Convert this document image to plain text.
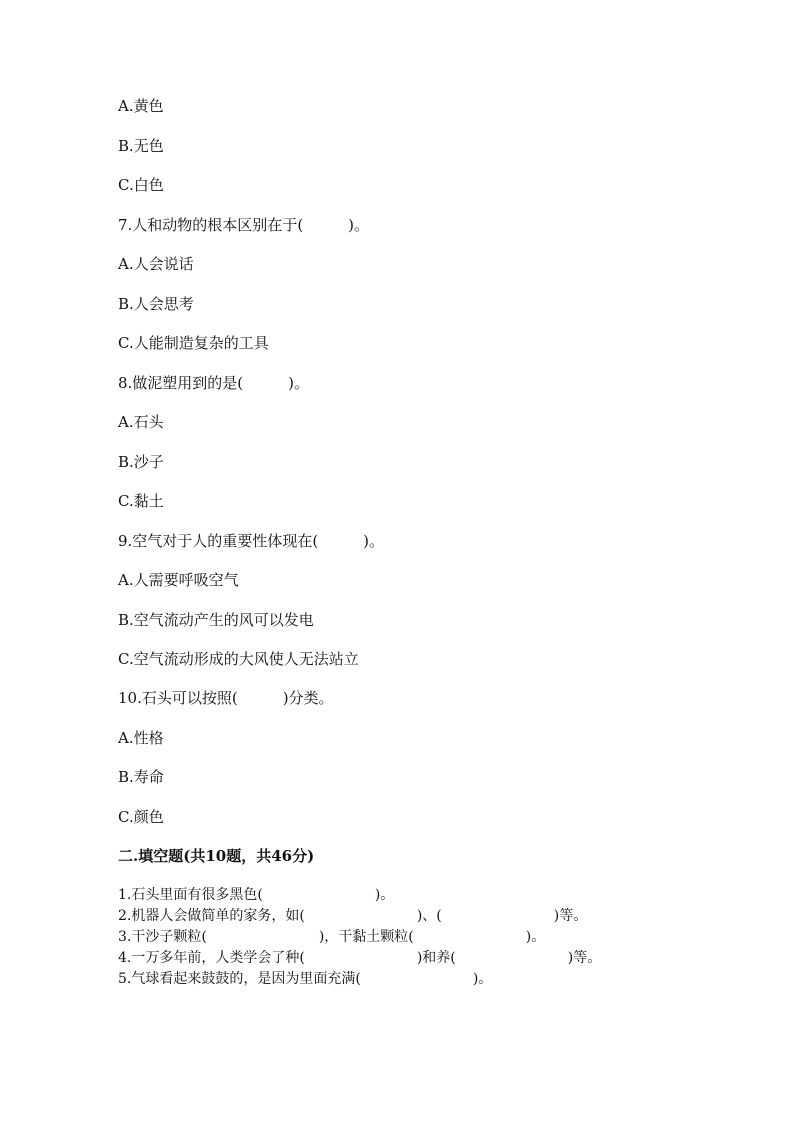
A.黄色
B.无色
C.白色
7.人和动物的根本区别在于(　　　)。
A.人会说话
B.人会思考
C.人能制造复杂的工具
8.做泥塑用到的是(　　　)。
A.石头
B.沙子
C.黏土
9.空气对于人的重要性体现在(　　　)。
A.人需要呼吸空气
B.空气流动产生的风可以发电
C.空气流动形成的大风使人无法站立
10.石头可以按照(　　　)分类。
A.性格
B.寿命
C.颜色
二.填空题(共10题，共46分)
1.石头里面有很多黑色(　　　　　　　　)。
2.机器人会做简单的家务，如(　　　　　　　　)、(　　　　　　　　)等。
3.干沙子颗粒(　　　　　　　　)，干黏土颗粒(　　　　　　　　)。
4.一万多年前，人类学会了种(　　　　　　　　)和养(　　　　　　　　)等。
5.气球看起来鼓鼓的，是因为里面充满(　　　　　　　　)。
